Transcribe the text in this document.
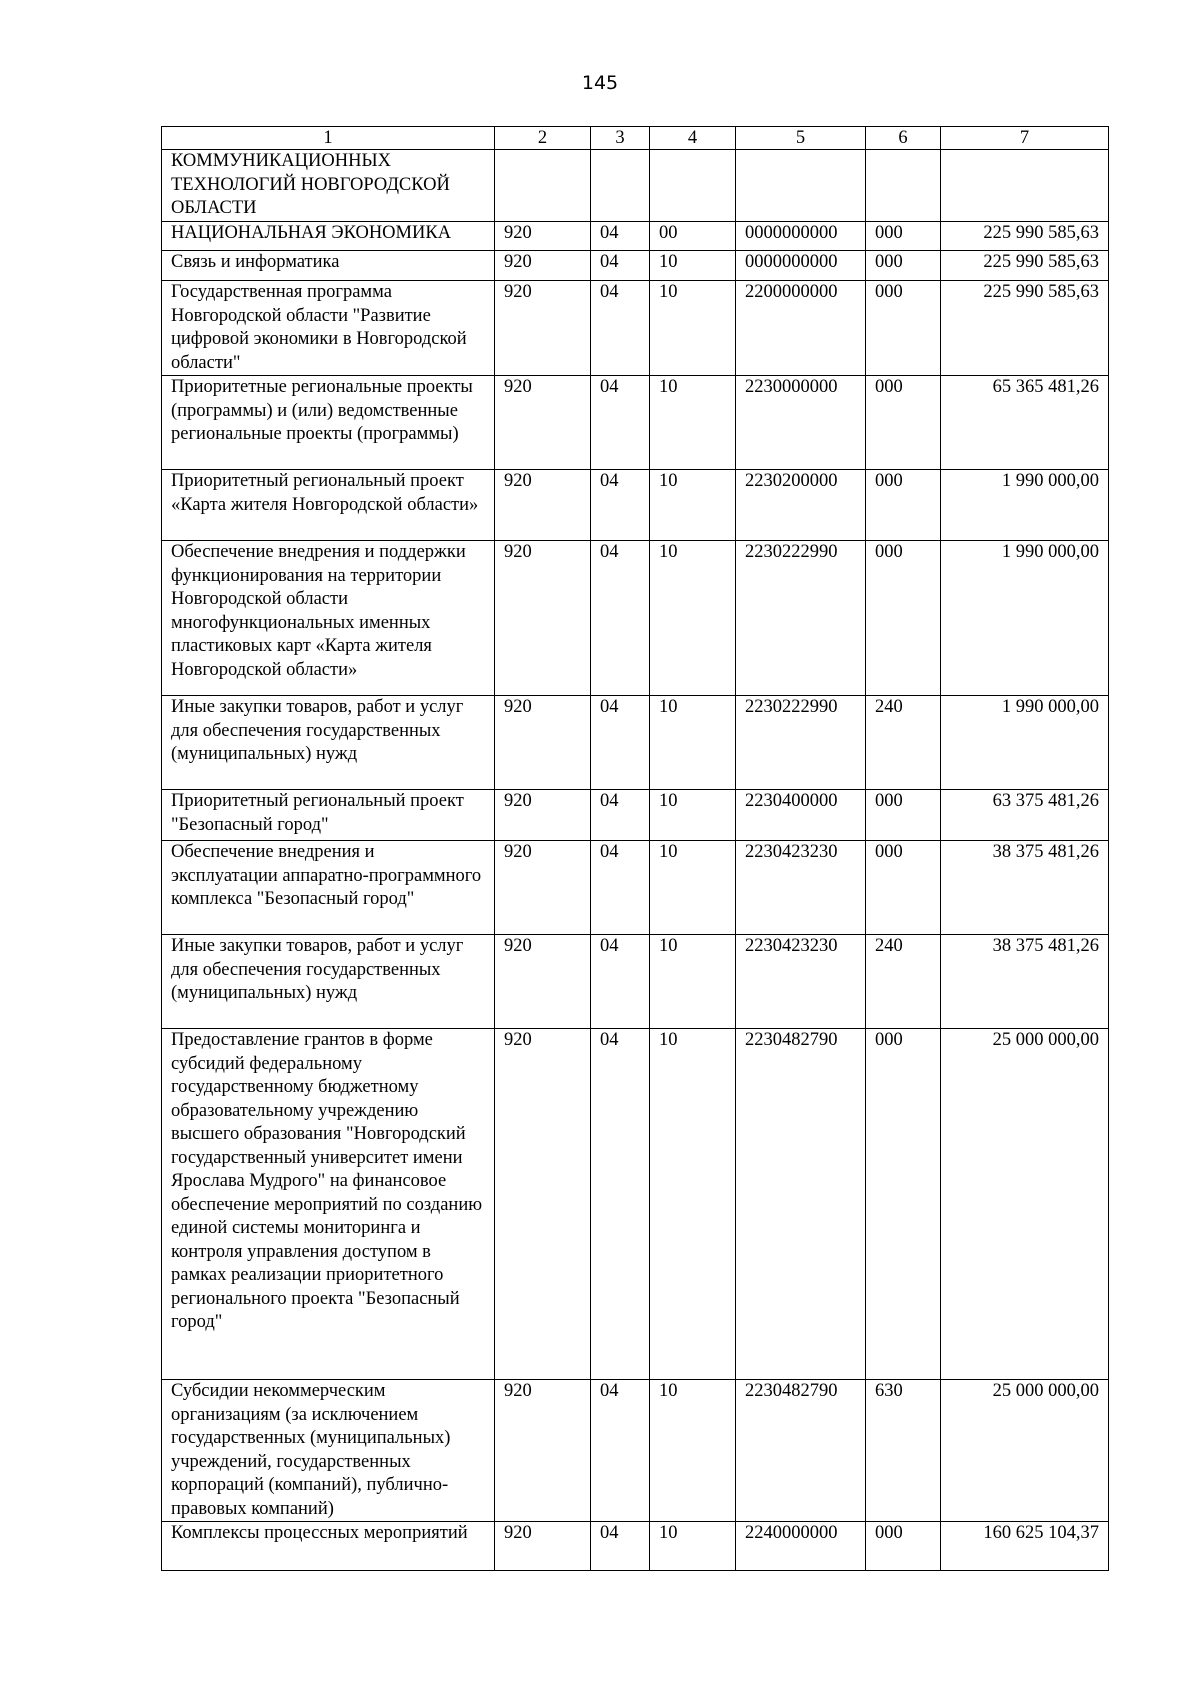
145
1	2	3	4	5	6	7
КОММУНИКАЦИОННЫХ ТЕХНОЛОГИЙ НОВГОРОДСКОЙ ОБЛАСТИ						
НАЦИОНАЛЬНАЯ ЭКОНОМИКА	920	04	00	0000000000	000	225 990 585,63
Связь и информатика	920	04	10	0000000000	000	225 990 585,63
Государственная программа Новгородской области "Развитие цифровой экономики в Новгородской области"	920	04	10	2200000000	000	225 990 585,63
Приоритетные региональные проекты (программы) и (или) ведомственные региональные проекты (программы)	920	04	10	2230000000	000	65 365 481,26
Приоритетный региональный проект «Карта жителя Новгородской области»	920	04	10	2230200000	000	1 990 000,00
Обеспечение внедрения и поддержки функционирования на территории Новгородской области многофункциональных именных пластиковых карт «Карта жителя Новгородской области»	920	04	10	2230222990	000	1 990 000,00
Иные закупки товаров, работ и услуг для обеспечения государственных (муниципальных) нужд	920	04	10	2230222990	240	1 990 000,00
Приоритетный региональный проект "Безопасный город"	920	04	10	2230400000	000	63 375 481,26
Обеспечение внедрения и эксплуатации аппаратно-программного комплекса "Безопасный город"	920	04	10	2230423230	000	38 375 481,26
Иные закупки товаров, работ и услуг для обеспечения государственных (муниципальных) нужд	920	04	10	2230423230	240	38 375 481,26
Предоставление грантов в форме субсидий федеральному государственному бюджетному образовательному учреждению высшего образования "Новгородский государственный университет имени Ярослава Мудрого" на финансовое обеспечение мероприятий по созданию единой системы мониторинга и контроля управления доступом в рамках реализации приоритетного регионального проекта "Безопасный город"	920	04	10	2230482790	000	25 000 000,00
Субсидии некоммерческим организациям (за исключением государственных (муниципальных) учреждений, государственных корпораций (компаний), публично-правовых компаний)	920	04	10	2230482790	630	25 000 000,00
Комплексы процессных мероприятий	920	04	10	2240000000	000	160 625 104,37
